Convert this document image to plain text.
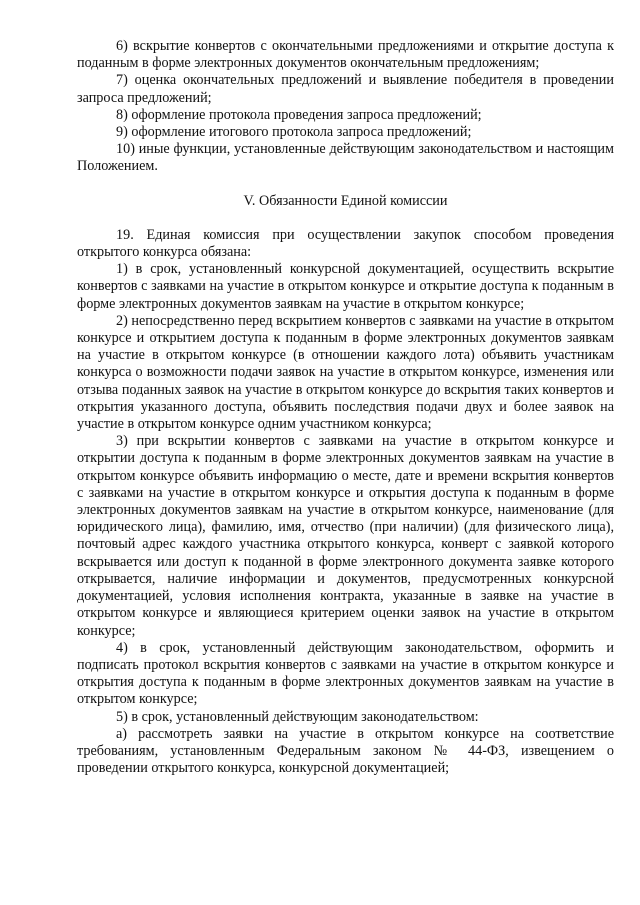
6) вскрытие конвертов с окончательными предложениями и открытие доступа к поданным в форме электронных документов окончательным предложениям;

7) оценка окончательных предложений и выявление победителя в проведении запроса предложений;

8) оформление протокола проведения запроса предложений;

9) оформление итогового протокола запроса предложений;

10) иные функции, установленные действующим законодательством и настоящим Положением.

V. Обязанности Единой комиссии

19. Единая комиссия при осуществлении закупок способом проведения открытого конкурса обязана:

1) в срок, установленный конкурсной документацией, осуществить вскрытие конвертов с заявками на участие в открытом конкурсе и открытие доступа к поданным в форме электронных документов заявкам на участие в открытом конкурсе;

2) непосредственно перед вскрытием конвертов с заявками на участие в открытом конкурсе и открытием доступа к поданным в форме электронных документов заявкам на участие в открытом конкурсе (в отношении каждого лота) объявить участникам конкурса о возможности подачи заявок на участие в открытом конкурсе, изменения или отзыва поданных заявок на участие в открытом конкурсе до вскрытия таких конвертов и открытия указанного доступа, объявить последствия подачи двух и более заявок на участие в открытом конкурсе одним участником конкурса;

3) при вскрытии конвертов с заявками на участие в открытом конкурсе и открытии доступа к поданным в форме электронных документов заявкам на участие в открытом конкурсе объявить информацию о месте, дате и времени вскрытия конвертов с заявками на участие в открытом конкурсе и открытия доступа к поданным в форме электронных документов заявкам на участие в открытом конкурсе, наименование (для юридического лица), фамилию, имя, отчество (при наличии) (для физического лица), почтовый адрес каждого участника открытого конкурса, конверт с заявкой которого вскрывается или доступ к поданной в форме электронного документа заявке которого открывается, наличие информации и документов, предусмотренных конкурсной документацией, условия исполнения контракта, указанные в заявке на участие в открытом конкурсе и являющиеся критерием оценки заявок на участие в открытом конкурсе;

4) в срок, установленный действующим законодательством, оформить и подписать протокол вскрытия конвертов с заявками на участие в открытом конкурсе и открытия доступа к поданным в форме электронных документов заявкам на участие в открытом конкурсе;

5) в срок, установленный действующим законодательством:

а) рассмотреть заявки на участие в открытом конкурсе на соответствие требованиям, установленным Федеральным законом № 44-ФЗ, извещением о проведении открытого конкурса, конкурсной документацией;
